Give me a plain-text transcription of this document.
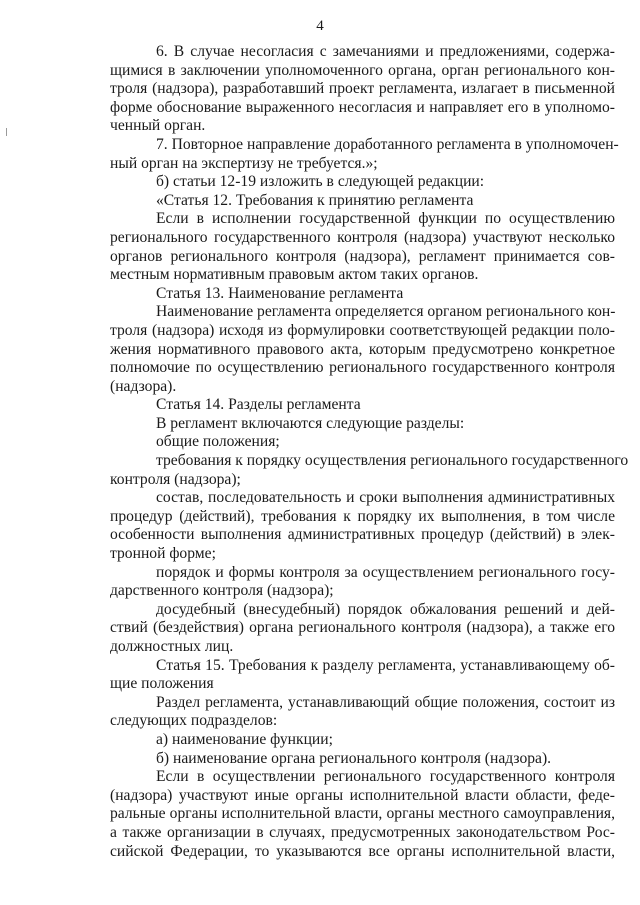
4
6. В случае несогласия с замечаниями и предложениями, содержа-
щимися в заключении уполномоченного органа, орган регионального кон-
троля (надзора), разработавший проект регламента, излагает в письменной
форме обоснование выраженного несогласия и направляет его в уполномо-
ченный орган.
7. Повторное направление доработанного регламента в уполномочен-
ный орган на экспертизу не требуется.»;
б) статьи 12-19 изложить в следующей редакции:
«Статья 12. Требования к принятию регламента
Если в исполнении государственной функции по осуществлению
регионального государственного контроля (надзора) участвуют несколько
органов регионального контроля (надзора), регламент принимается сов-
местным нормативным правовым актом таких органов.
Статья 13. Наименование регламента
Наименование регламента определяется органом регионального кон-
троля (надзора) исходя из формулировки соответствующей редакции поло-
жения нормативного правового акта, которым предусмотрено конкретное
полномочие по осуществлению регионального государственного контроля
(надзора).
Статья 14. Разделы регламента
В регламент включаются следующие разделы:
общие положения;
требования к порядку осуществления регионального государственного
контроля (надзора);
состав, последовательность и сроки выполнения административных
процедур (действий), требования к порядку их выполнения, в том числе
особенности выполнения административных процедур (действий) в элек-
тронной форме;
порядок и формы контроля за осуществлением регионального госу-
дарственного контроля (надзора);
досудебный (внесудебный) порядок обжалования решений и дей-
ствий (бездействия) органа регионального контроля (надзора), а также его
должностных лиц.
Статья 15. Требования к разделу регламента, устанавливающему об-
щие положения
Раздел регламента, устанавливающий общие положения, состоит из
следующих подразделов:
а) наименование функции;
б) наименование органа регионального контроля (надзора).
Если в осуществлении регионального государственного контроля
(надзора) участвуют иные органы исполнительной власти области, феде-
ральные органы исполнительной власти, органы местного самоуправления,
а также организации в случаях, предусмотренных законодательством Рос-
сийской Федерации, то указываются все органы исполнительной власти,
